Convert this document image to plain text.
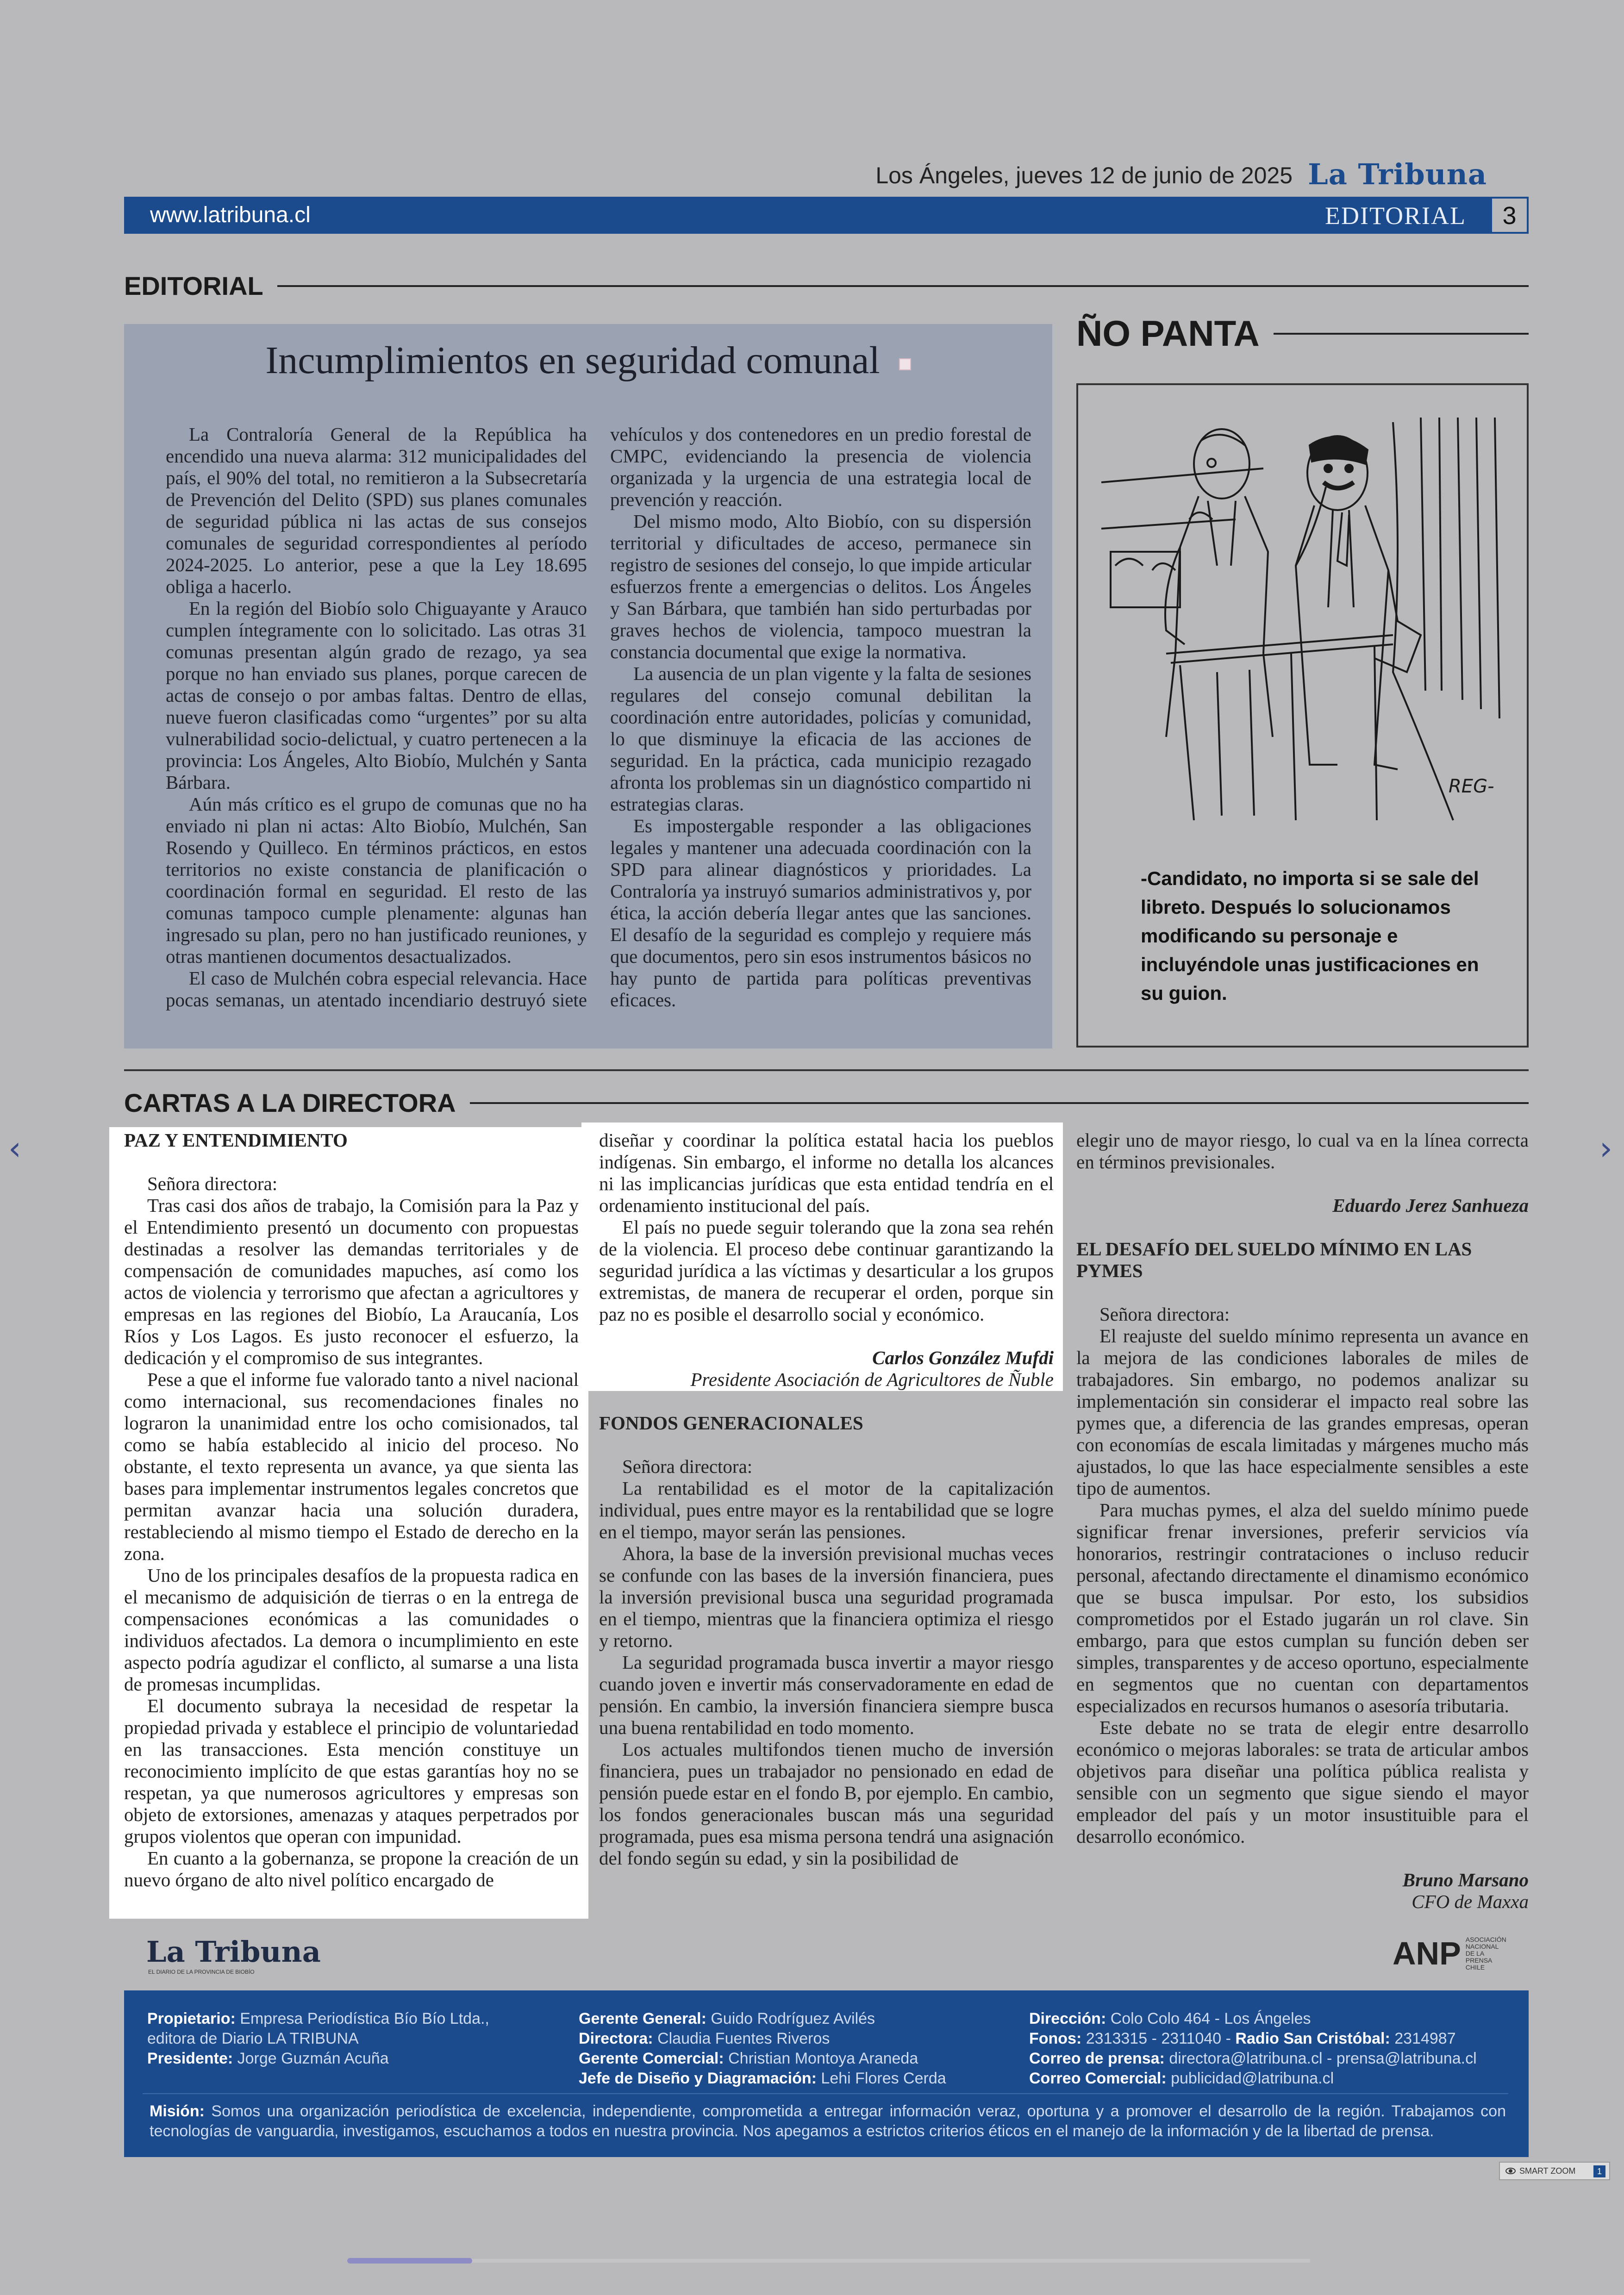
Los Ángeles, jueves 12 de junio de 2025 La Tribuna
www.latribuna.cl	EDITORIAL	3
EDITORIAL
Incumplimientos en seguridad comunal

La Contraloría General de la República ha encendido una nueva alarma: 312 municipalidades del país, el 90% del total, no remitieron a la Subsecretaría de Prevención del Delito (SPD) sus planes comunales de seguridad pública ni las actas de sus consejos comunales de seguridad correspondientes al período 2024-2025. Lo anterior, pese a que la Ley 18.695 obliga a hacerlo.

En la región del Biobío solo Chiguayante y Arauco cumplen íntegramente con lo solicitado. Las otras 31 comunas presentan algún grado de rezago, ya sea porque no han enviado sus planes, porque carecen de actas de consejo o por ambas faltas. Dentro de ellas, nueve fueron clasificadas como “urgentes” por su alta vulnerabilidad socio-delictual, y cuatro pertenecen a la provincia: Los Ángeles, Alto Biobío, Mulchén y Santa Bárbara.

Aún más crítico es el grupo de comunas que no ha enviado ni plan ni actas: Alto Biobío, Mulchén, San Rosendo y Quilleco. En términos prácticos, en estos territorios no existe constancia de planificación o coordinación formal en seguridad. El resto de las comunas tampoco cumple plenamente: algunas han ingresado su plan, pero no han justificado reuniones, y otras mantienen documentos desactualizados.

El caso de Mulchén cobra especial relevancia. Hace pocas semanas, un atentado incendiario destruyó siete vehículos y dos contenedores en un predio forestal de CMPC, evidenciando la presencia de violencia organizada y la urgencia de una estrategia local de prevención y reacción.

Del mismo modo, Alto Biobío, con su dispersión territorial y dificultades de acceso, permanece sin registro de sesiones del consejo, lo que impide articular esfuerzos frente a emergencias o delitos. Los Ángeles y San Bárbara, que también han sido perturbadas por graves hechos de violencia, tampoco muestran la constancia documental que exige la normativa.

La ausencia de un plan vigente y la falta de sesiones regulares del consejo comunal debilitan la coordinación entre autoridades, policías y comunidad, lo que disminuye la eficacia de las acciones de seguridad. En la práctica, cada municipio rezagado afronta los problemas sin un diagnóstico compartido ni estrategias claras.

Es impostergable responder a las obligaciones legales y mantener una adecuada coordinación con la SPD para alinear diagnósticos y prioridades. La Contraloría ya instruyó sumarios administrativos y, por ética, la acción debería llegar antes que las sanciones. El desafío de la seguridad es complejo y requiere más que documentos, pero sin esos instrumentos básicos no hay punto de partida para políticas preventivas eficaces.

ÑO PANTA
REG-
-Candidato, no importa si se sale del libreto. Después lo solucionamos modificando su personaje e incluyéndole unas justificaciones en su guion.
CARTAS A LA DIRECTORA

PAZ Y ENTENDIMIENTO

Señora directora:

Tras casi dos años de trabajo, la Comisión para la Paz y el Entendimiento presentó un documento con propuestas destinadas a resolver las demandas territoriales y de compensación de comunidades mapuches, así como los actos de violencia y terrorismo que afectan a agricultores y empresas en las regiones del Biobío, La Araucanía, Los Ríos y Los Lagos. Es justo reconocer el esfuerzo, la dedicación y el compromiso de sus integrantes.

Pese a que el informe fue valorado tanto a nivel nacional como internacional, sus recomendaciones finales no lograron la unanimidad entre los ocho comisionados, tal como se había establecido al inicio del proceso. No obstante, el texto representa un avance, ya que sienta las bases para implementar instrumentos legales concretos que permitan avanzar hacia una solución duradera, restableciendo al mismo tiempo el Estado de derecho en la zona.

Uno de los principales desafíos de la propuesta radica en el mecanismo de adquisición de tierras o en la entrega de compensaciones económicas a las comunidades o individuos afectados. La demora o incumplimiento en este aspecto podría agudizar el conflicto, al sumarse a una lista de promesas incumplidas.

El documento subraya la necesidad de respetar la propiedad privada y establece el principio de voluntariedad en las transacciones. Esta mención constituye un reconocimiento implícito de que estas garantías hoy no se respetan, ya que numerosos agricultores y empresas son objeto de extorsiones, amenazas y ataques perpetrados por grupos violentos que operan con impunidad.

En cuanto a la gobernanza, se propone la creación de un nuevo órgano de alto nivel político encargado de

diseñar y coordinar la política estatal hacia los pueblos indígenas. Sin embargo, el informe no detalla los alcances ni las implicancias jurídicas que esta entidad tendría en el ordenamiento institucional del país.

El país no puede seguir tolerando que la zona sea rehén de la violencia. El proceso debe continuar garantizando la seguridad jurídica a las víctimas y desarticular a los grupos extremistas, de manera de recuperar el orden, porque sin paz no es posible el desarrollo social y económico.

Carlos González Mufdi

Presidente Asociación de Agricultores de Ñuble

FONDOS GENERACIONALES

Señora directora:

La rentabilidad es el motor de la capitalización individual, pues entre mayor es la rentabilidad que se logre en el tiempo, mayor serán las pensiones.

Ahora, la base de la inversión previsional muchas veces se confunde con las bases de la inversión financiera, pues la inversión previsional busca una seguridad programada en el tiempo, mientras que la financiera optimiza el riesgo y retorno.

La seguridad programada busca invertir a mayor riesgo cuando joven e invertir más conservadoramente en edad de pensión. En cambio, la inversión financiera siempre busca una buena rentabilidad en todo momento.

Los actuales multifondos tienen mucho de inversión financiera, pues un trabajador no pensionado en edad de pensión puede estar en el fondo B, por ejemplo. En cambio, los fondos generacionales buscan más una seguridad programada, pues esa misma persona tendrá una asignación del fondo según su edad, y sin la posibilidad de

elegir uno de mayor riesgo, lo cual va en la línea correcta en términos previsionales.

Eduardo Jerez Sanhueza

EL DESAFÍO DEL SUELDO MÍNIMO EN LAS PYMES

Señora directora:

El reajuste del sueldo mínimo representa un avance en la mejora de las condiciones laborales de miles de trabajadores. Sin embargo, no podemos analizar su implementación sin considerar el impacto real sobre las pymes que, a diferencia de las grandes empresas, operan con economías de escala limitadas y márgenes mucho más ajustados, lo que las hace especialmente sensibles a este tipo de aumentos.

Para muchas pymes, el alza del sueldo mínimo puede significar frenar inversiones, preferir servicios vía honorarios, restringir contrataciones o incluso reducir personal, afectando directamente el dinamismo económico que se busca impulsar. Por esto, los subsidios comprometidos por el Estado jugarán un rol clave. Sin embargo, para que estos cumplan su función deben ser simples, transparentes y de acceso oportuno, especialmente en segmentos que no cuentan con departamentos especializados en recursos humanos o asesoría tributaria.

Este debate no se trata de elegir entre desarrollo económico o mejoras laborales: se trata de articular ambos objetivos para diseñar una política pública realista y sensible con un segmento que sigue siendo el mayor empleador del país y un motor insustituible para el desarrollo económico.

Bruno Marsano

CFO de Maxxa

La Tribuna
EL DIARIO DE LA PROVINCIA DE BIOBÍO
ANP ASOCIACIÓN NACIONAL DE LA PRENSA CHILE
Propietario: Empresa Periodística Bío Bío Ltda.,
editora de Diario LA TRIBUNA
Presidente: Jorge Guzmán Acuña
Gerente General: Guido Rodríguez Avilés
Directora: Claudia Fuentes Riveros
Gerente Comercial: Christian Montoya Araneda
Jefe de Diseño y Diagramación: Lehi Flores Cerda
Dirección: Colo Colo 464 - Los Ángeles
Fonos: 2313315 - 2311040 - Radio San Cristóbal: 2314987
Correo de prensa: directora@latribuna.cl - prensa@latribuna.cl
Correo Comercial: publicidad@latribuna.cl
Misión: Somos una organización periodística de excelencia, independiente, comprometida a entregar información veraz, oportuna y a promover el desarrollo de la región. Trabajamos con tecnologías de vanguardia, investigamos, escuchamos a todos en nuestra provincia. Nos apegamos a estrictos criterios éticos en el manejo de la información y de la libertad de prensa.
‹	›
SMART ZOOM	1
